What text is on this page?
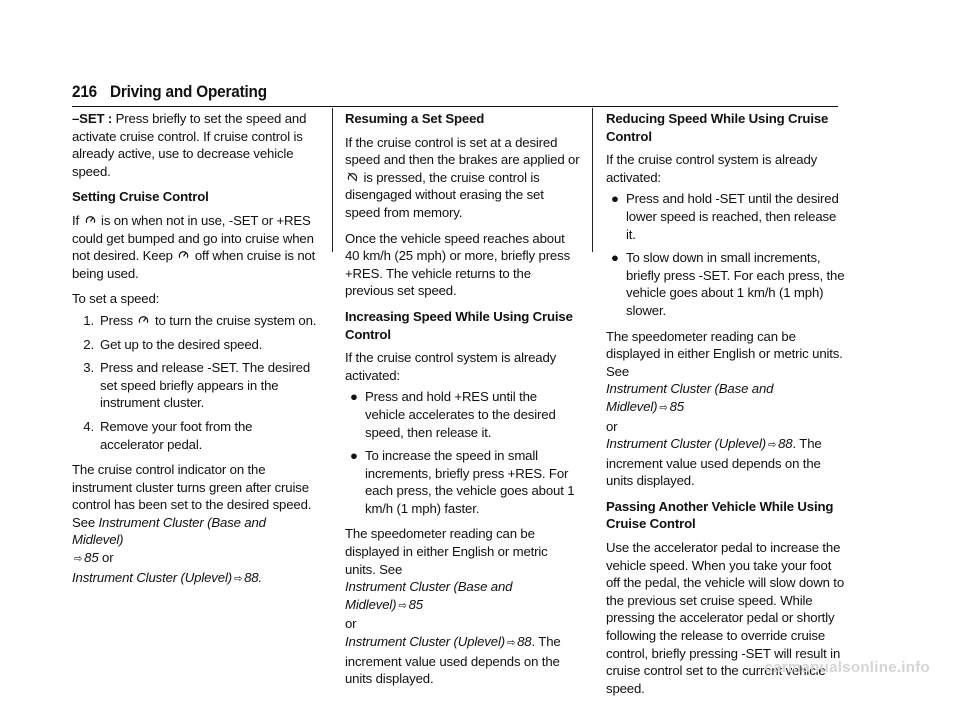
216 Driving and Operating

–SET : Press briefly to set the speed and activate cruise control. If cruise control is already active, use to decrease vehicle speed.

Setting Cruise Control

If  is on when not in use, -SET or +RES could get bumped and go into cruise when not desired. Keep  off when cruise is not being used.

To set a speed:

1. Press  to turn the cruise system on.
2. Get up to the desired speed.
3. Press and release -SET. The desired set speed briefly appears in the instrument cluster.
4. Remove your foot from the accelerator pedal.

The cruise control indicator on the instrument cluster turns green after cruise control has been set to the desired speed. See Instrument Cluster (Base and Midlevel)
⇨ 85 or
Instrument Cluster (Uplevel) ⇨ 88.

Resuming a Set Speed

If the cruise control is set at a desired speed and then the brakes are applied or  is pressed, the cruise control is disengaged without erasing the set speed from memory.

Once the vehicle speed reaches about 40 km/h (25 mph) or more, briefly press +RES. The vehicle returns to the previous set speed.

Increasing Speed While Using Cruise Control

If the cruise control system is already activated:

● Press and hold +RES until the vehicle accelerates to the desired speed, then release it.
● To increase the speed in small increments, briefly press +RES. For each press, the vehicle goes about 1 km/h (1 mph) faster.

The speedometer reading can be displayed in either English or metric units. See
Instrument Cluster (Base and Midlevel) ⇨ 85
or
Instrument Cluster (Uplevel) ⇨ 88. The increment value used depends on the units displayed.

Reducing Speed While Using Cruise Control

If the cruise control system is already activated:

● Press and hold -SET until the desired lower speed is reached, then release it.
● To slow down in small increments, briefly press -SET. For each press, the vehicle goes about 1 km/h (1 mph) slower.

The speedometer reading can be displayed in either English or metric units. See
Instrument Cluster (Base and Midlevel) ⇨ 85
or
Instrument Cluster (Uplevel) ⇨ 88. The increment value used depends on the units displayed.

Passing Another Vehicle While Using Cruise Control

Use the accelerator pedal to increase the vehicle speed. When you take your foot off the pedal, the vehicle will slow down to the previous set cruise speed. While pressing the accelerator pedal or shortly following the release to override cruise control, briefly pressing -SET will result in cruise control set to the current vehicle speed.

carmanualsonline.info
